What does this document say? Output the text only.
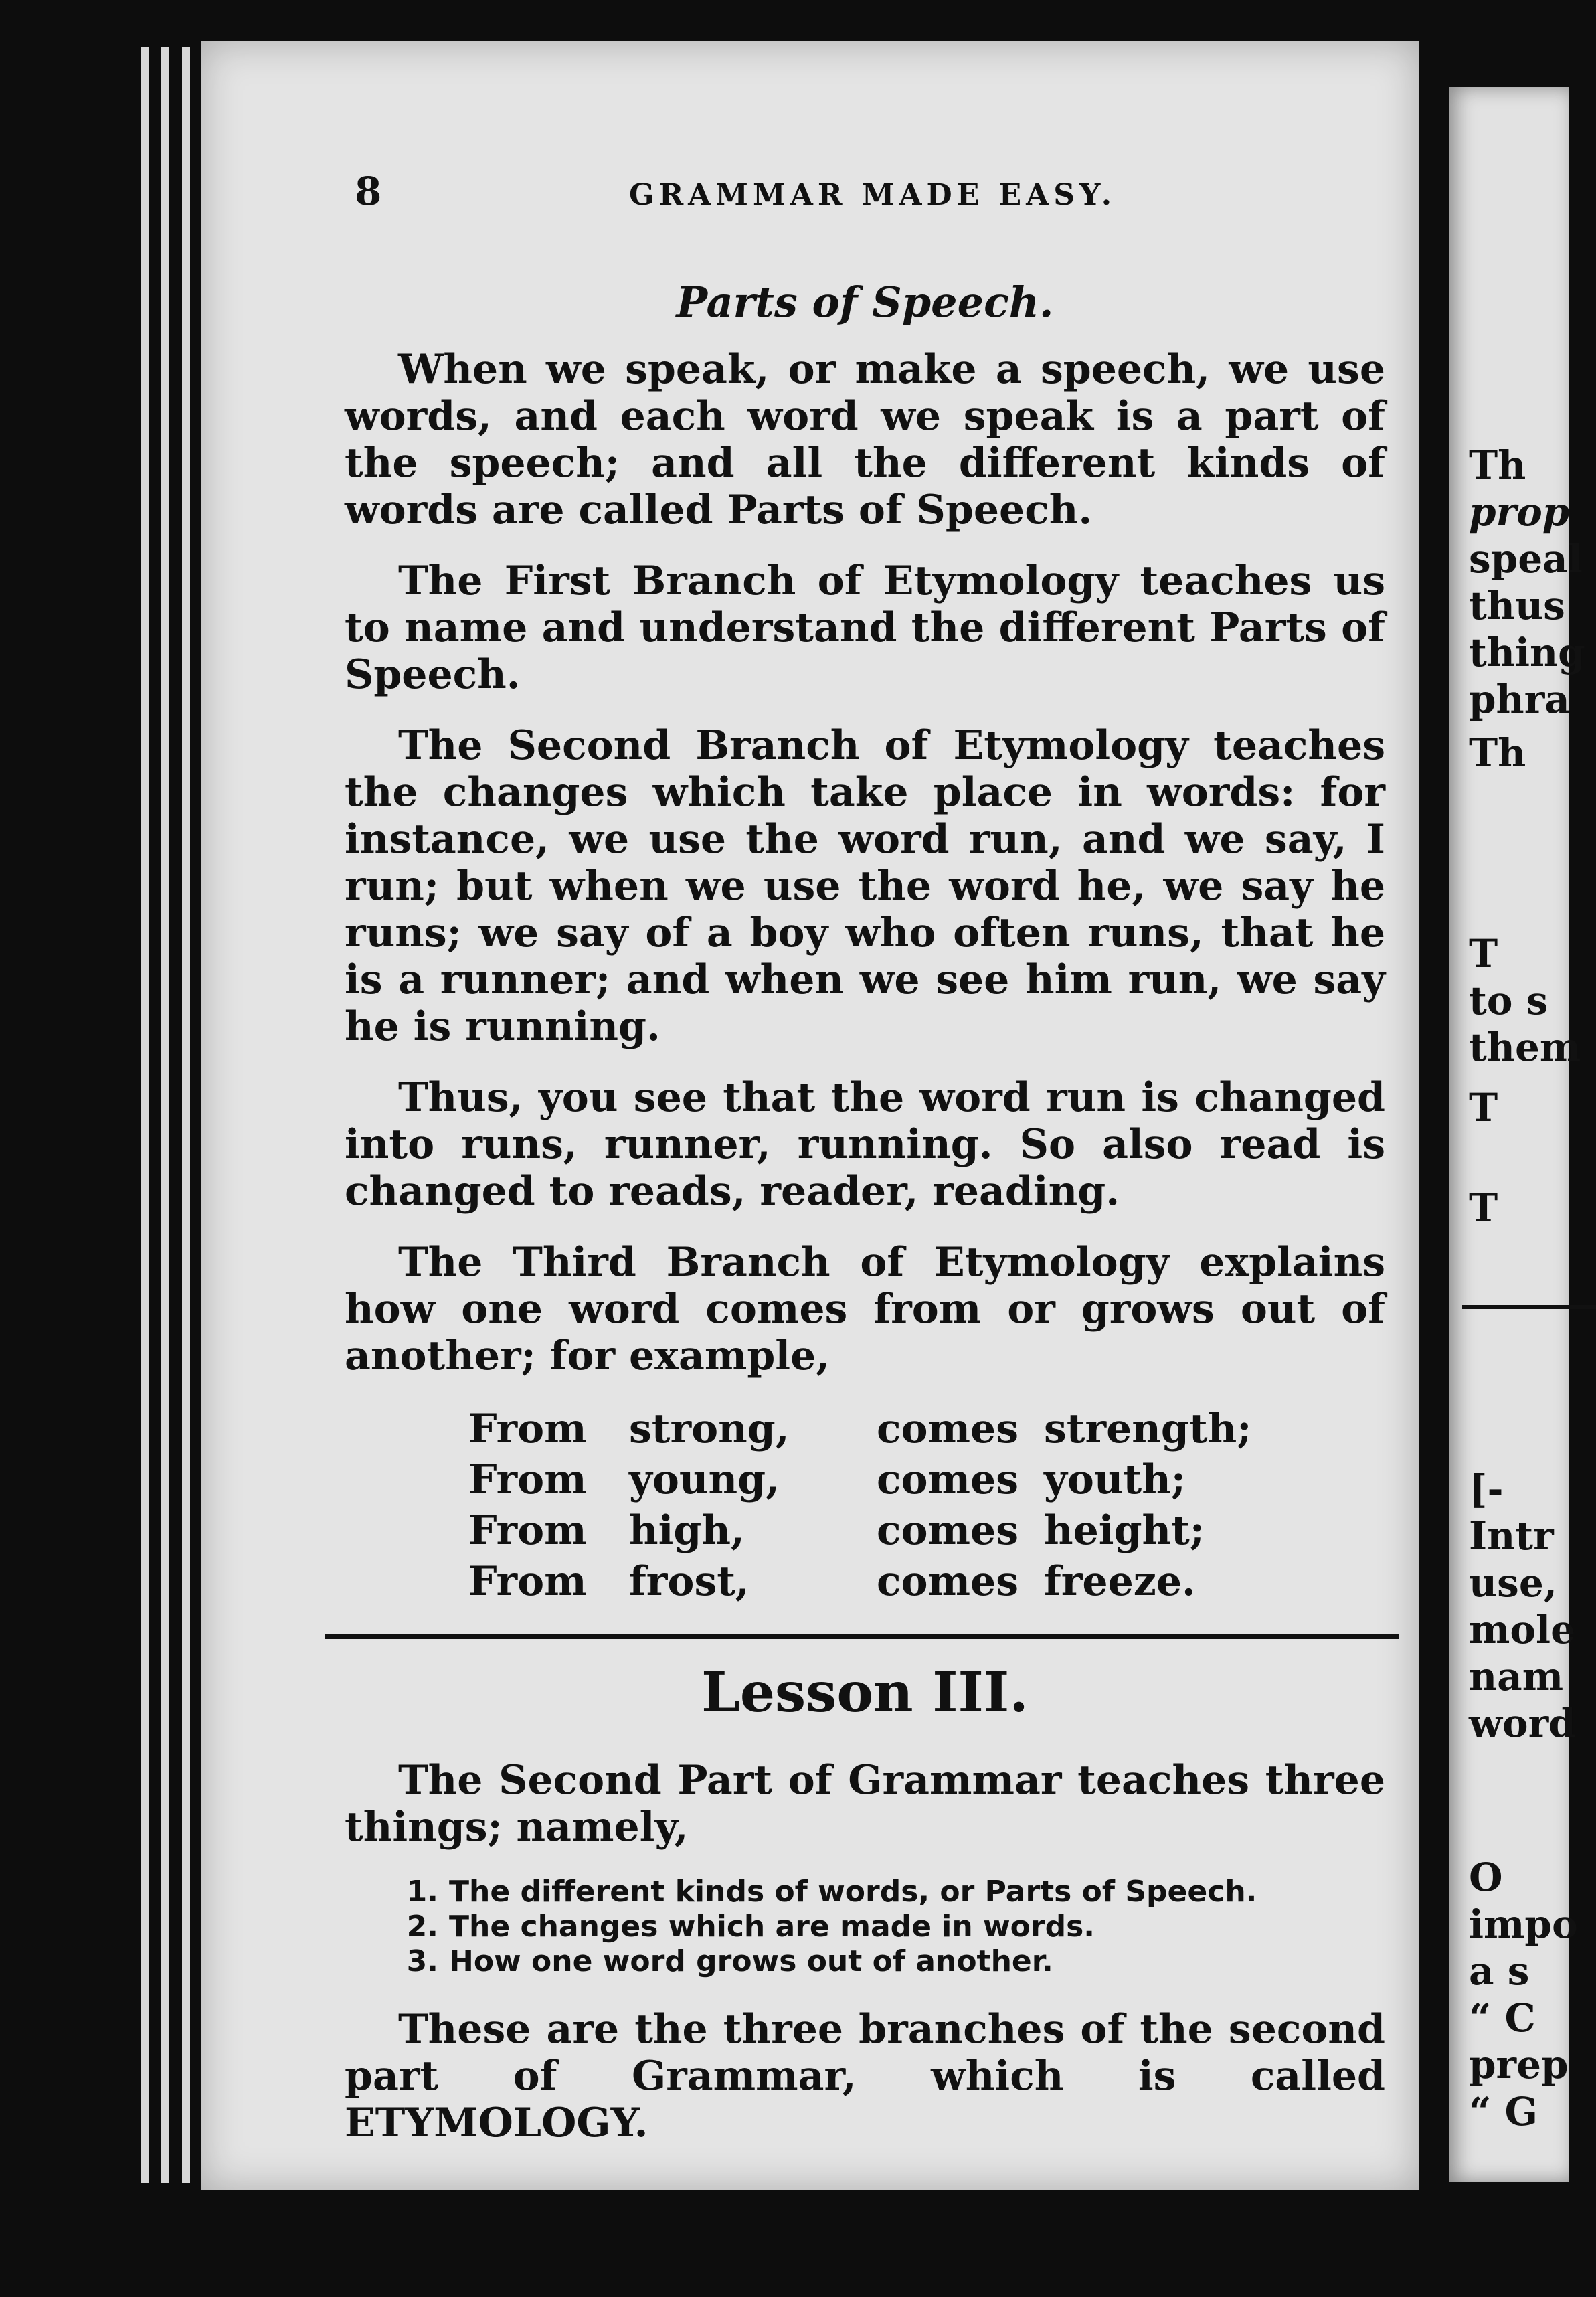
8	GRAMMAR MADE EASY.
Parts of Speech.

When we speak, or make a speech, we use words, and each word we speak is a part of the speech; and all the different kinds of words are called Parts of Speech.

The First Branch of Etymology teaches us to name and understand the different Parts of Speech.

The Second Branch of Etymology teaches the changes which take place in words: for instance, we use the word run, and we say, I run; but when we use the word he, we say he runs; we say of a boy who often runs, that he is a runner; and when we see him run, we say he is running.

Thus, you see that the word run is changed into runs, runner, running. So also read is changed to reads, reader, reading.

The Third Branch of Etymology explains how one word comes from or grows out of another; for example,

From	strong,	comes strength;
From	young,	comes youth;
From	high,	comes height;
From	frost,	comes freeze.
Lesson III.

The Second Part of Grammar teaches three things; namely,

1. The different kinds of words, or Parts of Speech.
2. The changes which are made in words.
3. How one word grows out of another.

These are the three branches of the second part of Grammar, which is called ETYMOLOGY.

Th
prop
speal
thus
thing
phra
Th
T
to s
them
T
T
[-
Intr
use,
mole
nam
word
O
impo
a s
“ C
prep
“ G
